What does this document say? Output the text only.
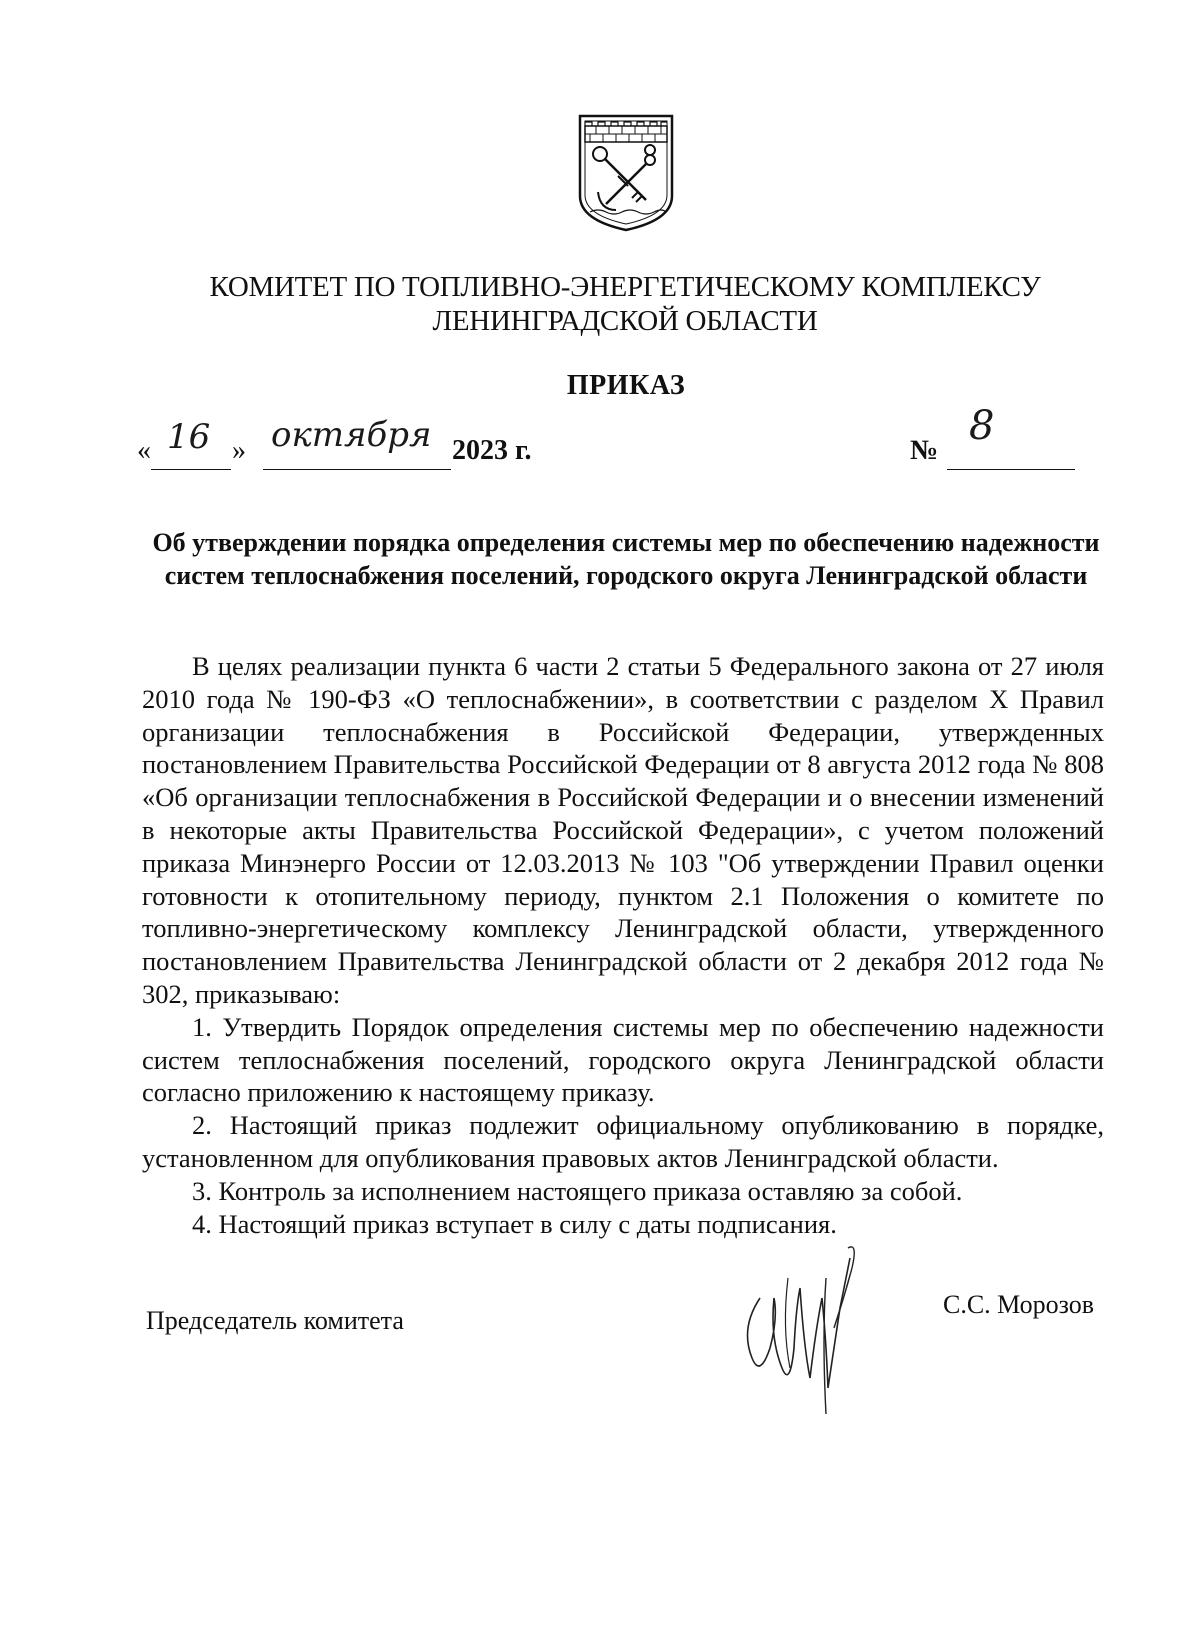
КОМИТЕТ ПО ТОПЛИВНО-ЭНЕРГЕТИЧЕСКОМУ КОМПЛЕКСУ
ЛЕНИНГРАДСКОЙ ОБЛАСТИ
ПРИКАЗ
« 16 » октября 2023 г.	№
8
Об утверждении порядка определения системы мер по обеспечению надежности систем теплоснабжения поселений, городского округа Ленинградской области

В целях реализации пункта 6 части 2 статьи 5 Федерального закона от 27 июля 2010 года № 190-ФЗ «О теплоснабжении», в соответствии с разделом X Правил организации теплоснабжения в Российской Федерации, утвержденных постановлением Правительства Российской Федерации от 8 августа 2012 года № 808 «Об организации теплоснабжения в Российской Федерации и о внесении изменений в некоторые акты Правительства Российской Федерации», с учетом положений приказа Минэнерго России от 12.03.2013 № 103 "Об утверждении Правил оценки готовности к отопительному периоду, пунктом 2.1 Положения о комитете по топливно-энергетическому комплексу Ленинградской области, утвержденного постановлением Правительства Ленинградской области от 2 декабря 2012 года № 302, приказываю:

1. Утвердить Порядок определения системы мер по обеспечению надежности систем теплоснабжения поселений, городского округа Ленинградской области согласно приложению к настоящему приказу.

2. Настоящий приказ подлежит официальному опубликованию в порядке, установленном для опубликования правовых актов Ленинградской области.

3. Контроль за исполнением настоящего приказа оставляю за собой.

4. Настоящий приказ вступает в силу с даты подписания.

Председатель комитета
С.С. Морозов
